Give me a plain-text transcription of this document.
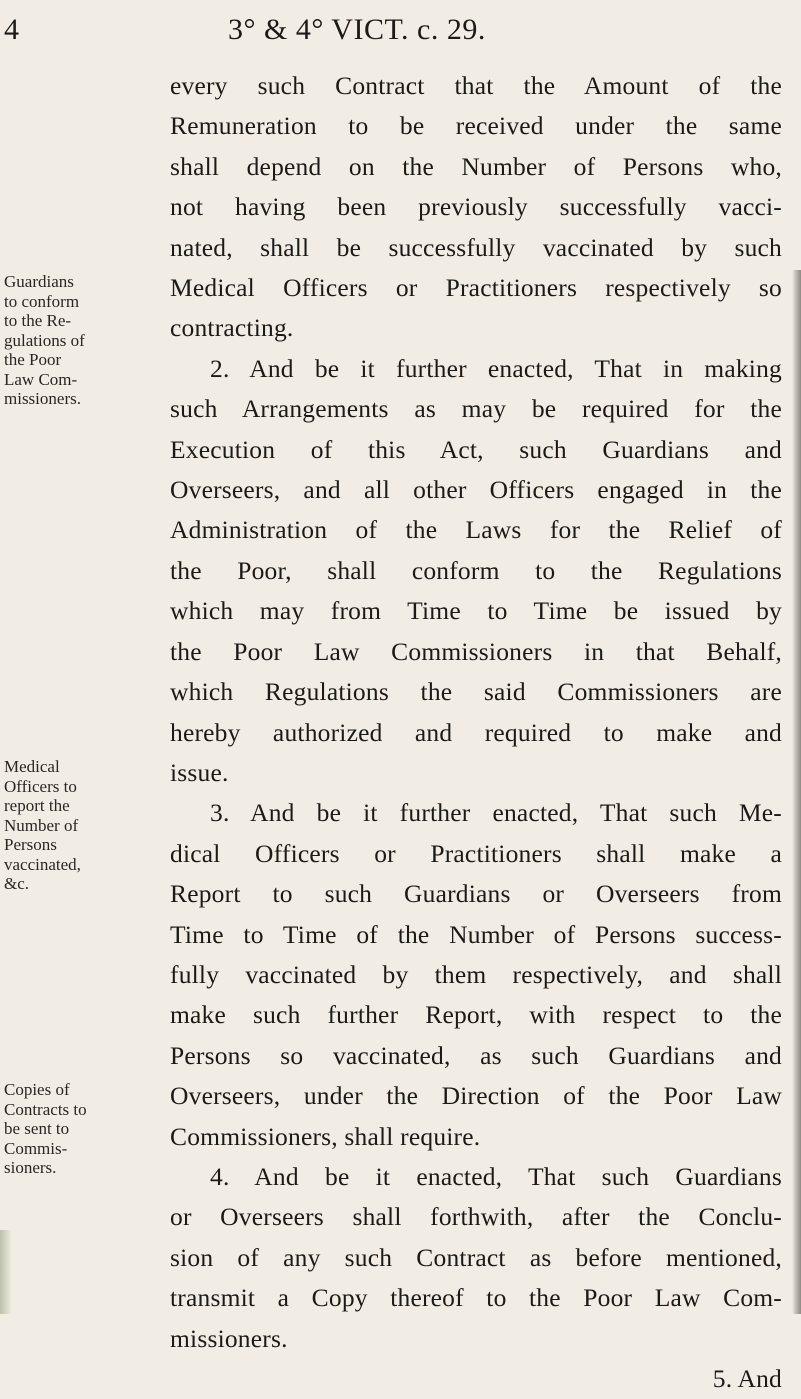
4	3° & 4° VICT. c. 29.
Guardians
to conform
to the Re-
gulations of
the Poor
Law Com-
missioners.
Medical
Officers to
report the
Number of
Persons
vaccinated,
&c.
Copies of
Contracts to
be sent to
Commis-
sioners.
every such Contract that the Amount of the
Remuneration to be received under the same
shall depend on the Number of Persons who,
not having been previously successfully vacci-
nated, shall be successfully vaccinated by such
Medical Officers or Practitioners respectively so
contracting.
2. And be it further enacted, That in making
such Arrangements as may be required for the
Execution of this Act, such Guardians and
Overseers, and all other Officers engaged in the
Administration of the Laws for the Relief of
the Poor, shall conform to the Regulations
which may from Time to Time be issued by
the Poor Law Commissioners in that Behalf,
which Regulations the said Commissioners are
hereby authorized and required to make and
issue.
3. And be it further enacted, That such Me-
dical Officers or Practitioners shall make a
Report to such Guardians or Overseers from
Time to Time of the Number of Persons success-
fully vaccinated by them respectively, and shall
make such further Report, with respect to the
Persons so vaccinated, as such Guardians and
Overseers, under the Direction of the Poor Law
Commissioners, shall require.
4. And be it enacted, That such Guardians
or Overseers shall forthwith, after the Conclu-
sion of any such Contract as before mentioned,
transmit a Copy thereof to the Poor Law Com-
missioners.
5. And
